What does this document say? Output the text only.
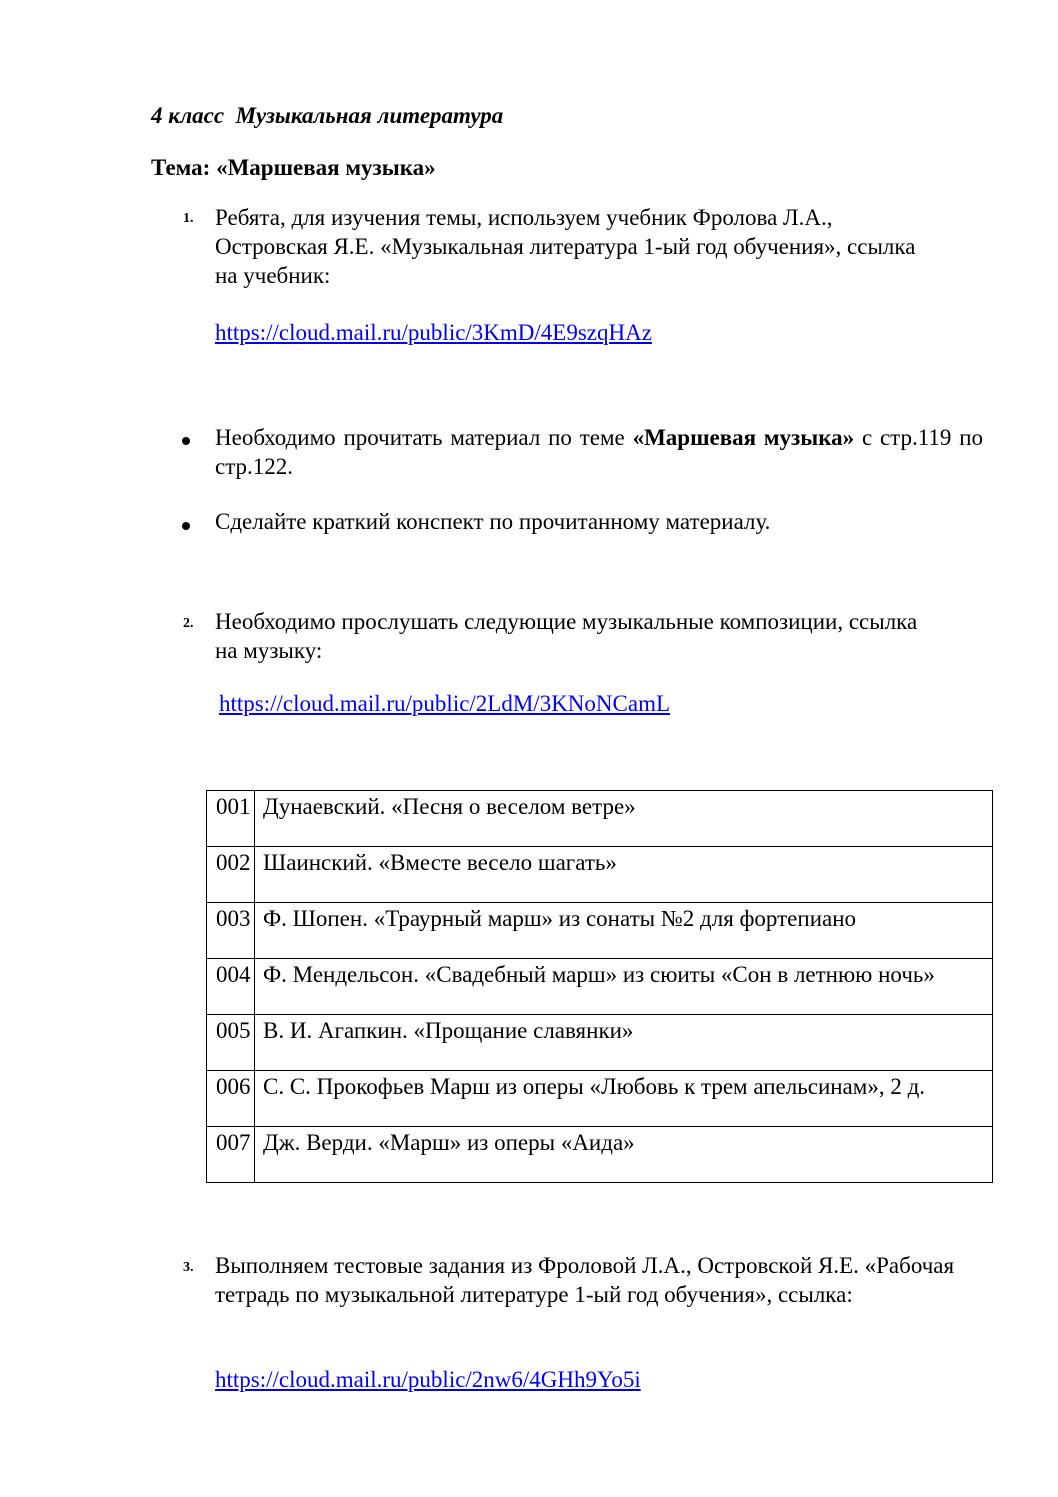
4 класс  Музыкальная литература
Тема: «Маршевая музыка»
1. Ребята, для изучения темы, используем учебник Фролова Л.А., Островская Я.Е. «Музыкальная литература 1-ый год обучения», ссылка на учебник:
https://cloud.mail.ru/public/3KmD/4E9szqHAz
Необходимо прочитать материал по теме «Маршевая музыка» с стр.119 по стр.122.
Сделайте краткий конспект по прочитанному материалу.
2. Необходимо прослушать следующие музыкальные композиции, ссылка на музыку:
https://cloud.mail.ru/public/2LdM/3KNoNCamL
001	Дунаевский. «Песня о веселом ветре»
002	Шаинский. «Вместе весело шагать»
003	Ф. Шопен. «Траурный марш» из сонаты №2 для фортепиано
004	Ф. Мендельсон. «Свадебный марш» из сюиты «Сон в летнюю ночь»
005	В. И. Агапкин. «Прощание славянки»
006	С. С. Прокофьев Марш из оперы «Любовь к трем апельсинам», 2 д.
007	Дж. Верди. «Марш» из оперы «Аида»
3. Выполняем тестовые задания из Фроловой Л.А., Островской Я.Е. «Рабочая тетрадь по музыкальной литературе 1-ый год обучения», ссылка:
https://cloud.mail.ru/public/2nw6/4GHh9Yo5i
